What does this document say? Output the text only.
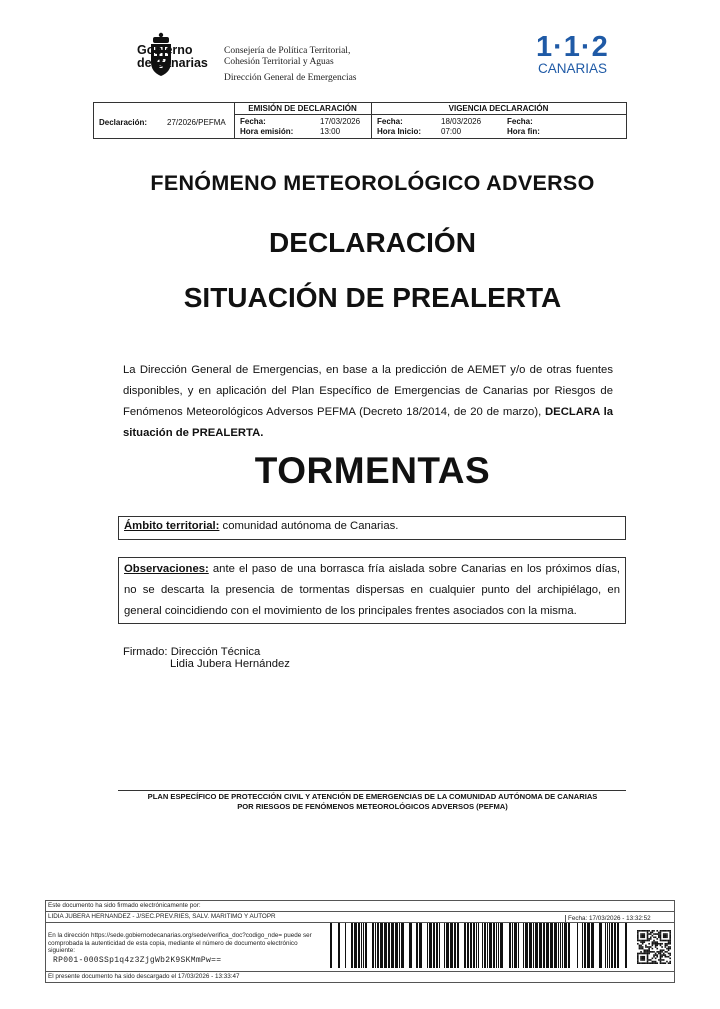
Gobierno
de Canarias
Consejería de Política Territorial,
Cohesión Territorial y Aguas
Dirección General de Emergencias
1·1·2
CANARIAS
Declaración: 27/2026/PEFMA
EMISIÓN DE DECLARACIÓN
Fecha:	17/03/2026
Hora emisión:	13:00
VIGENCIA DECLARACIÓN
Fecha:	18/03/2026
Hora Inicio: 07:00
Fecha:
Hora fin:
FENÓMENO METEOROLÓGICO ADVERSO
DECLARACIÓN
SITUACIÓN DE PREALERTA
La Dirección General de Emergencias, en base a la predicción de AEMET y/o de otras fuentes disponibles, y en aplicación del Plan Específico de Emergencias de Canarias por Riesgos de Fenómenos Meteorológicos Adversos PEFMA (Decreto 18/2014, de 20 de marzo), DECLARA la situación de PREALERTA.
TORMENTAS
Ámbito territorial: comunidad autónoma de Canarias.
Observaciones: ante el paso de una borrasca fría aislada sobre Canarias en los próximos días, no se descarta la presencia de tormentas dispersas en cualquier punto del archipiélago, en general coincidiendo con el movimiento de los principales frentes asociados con la misma.
Firmado: Dirección Técnica
Lidia Jubera Hernández
PLAN ESPECÍFICO DE PROTECCIÓN CIVIL Y ATENCIÓN DE EMERGENCIAS DE LA COMUNIDAD AUTÓNOMA DE CANARIAS
POR RIESGOS DE FENÓMENOS METEOROLÓGICOS ADVERSOS (PEFMA)
Este documento ha sido firmado electrónicamente por:
LIDIA JUBERA HERNANDEZ - J/SEC.PREV.RIES, SALV. MARITIMO Y AUTOPR	Fecha: 17/03/2026 - 13:32:52
En la dirección https://sede.gobiernodecanarias.org/sede/verifica_doc?codigo_nde= puede ser comprobada la autenticidad de esta copia, mediante el número de documento electrónico siguiente:
RP001-000SSp1q4z3ZjgWb2K9SKMmPw==
El presente documento ha sido descargado el 17/03/2026 - 13:33:47
